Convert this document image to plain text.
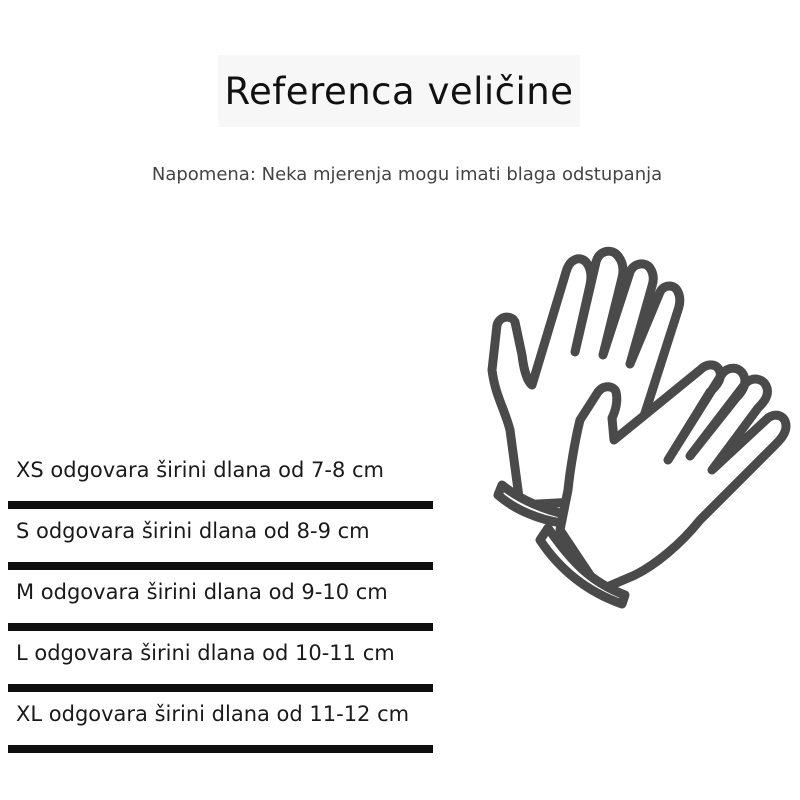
Referenca veličine
Napomena: Neka mjerenja mogu imati blaga odstupanja
XS odgovara širini dlana od 7-8 cm
S odgovara širini dlana od 8-9 cm
M odgovara širini dlana od 9-10 cm
L odgovara širini dlana od 10-11 cm
XL odgovara širini dlana od 11-12 cm
